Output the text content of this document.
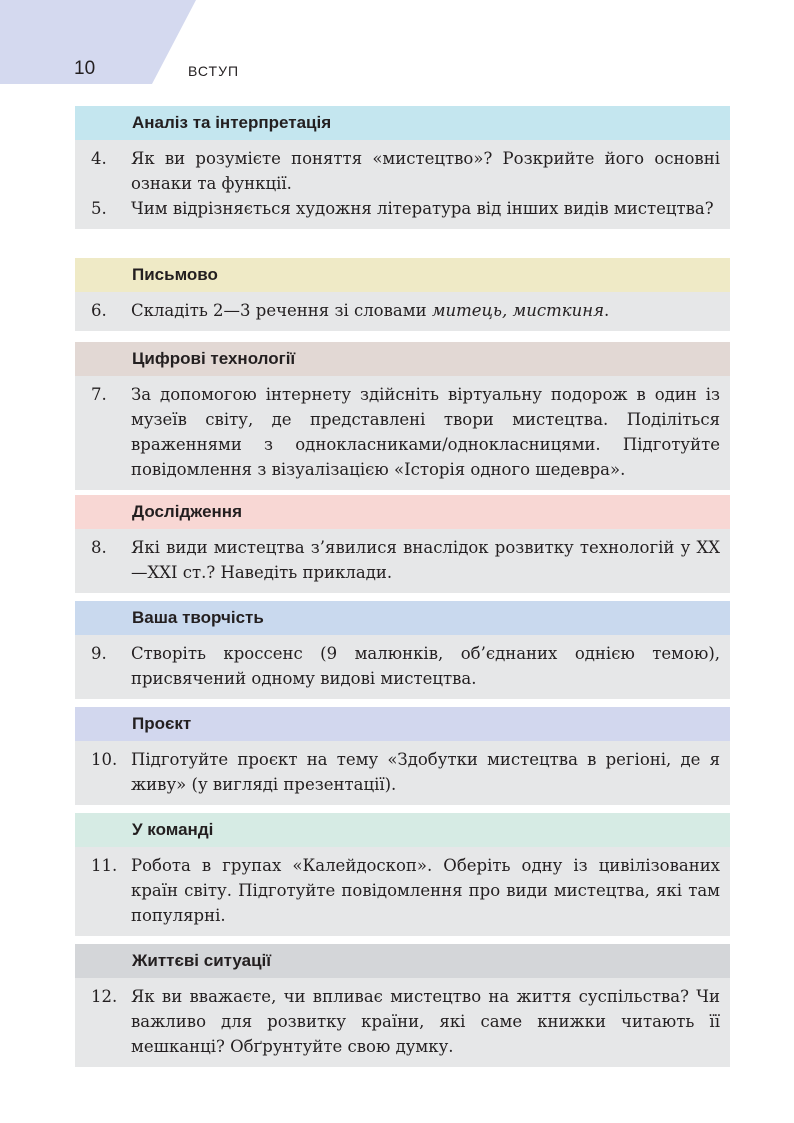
10	ВСТУП
Аналіз та інтерпретація
4.	Як ви розумієте поняття «мистецтво»? Розкрийте його основні ознаки та функції.
5.	Чим відрізняється художня література від інших видів мистецтва?
Письмово
6.	Складіть 2—3 речення зі словами митець, мисткиня.
Цифрові технології
7.	За допомогою інтернету здійсніть віртуальну подорож в один із музеїв світу, де представлені твори мистецтва. Поділіться враженнями з однокласниками/однокласницями. Підготуйте повідомлення з візуалізацією «Історія одного шедевра».
Дослідження
8.	Які види мистецтва з’явилися внаслідок розвитку технологій у ХХ—ХХІ ст.? Наведіть приклади.
Ваша творчість
9.	Створіть кроссенс (9 малюнків, об’єднаних однією темою), присвячений одному видові мистецтва.
Проєкт
10. Підготуйте проєкт на тему «Здобутки мистецтва в регіоні, де я живу» (у вигляді презентації).
У команді
11. Робота в групах «Калейдоскоп». Оберіть одну із цивілізованих країн світу. Підготуйте повідомлення про види мистецтва, які там популярні.
Життєві ситуації
12. Як ви вважаєте, чи впливає мистецтво на життя суспільства? Чи важливо для розвитку країни, які саме книжки читають її мешканці? Обґрунтуйте свою думку.
